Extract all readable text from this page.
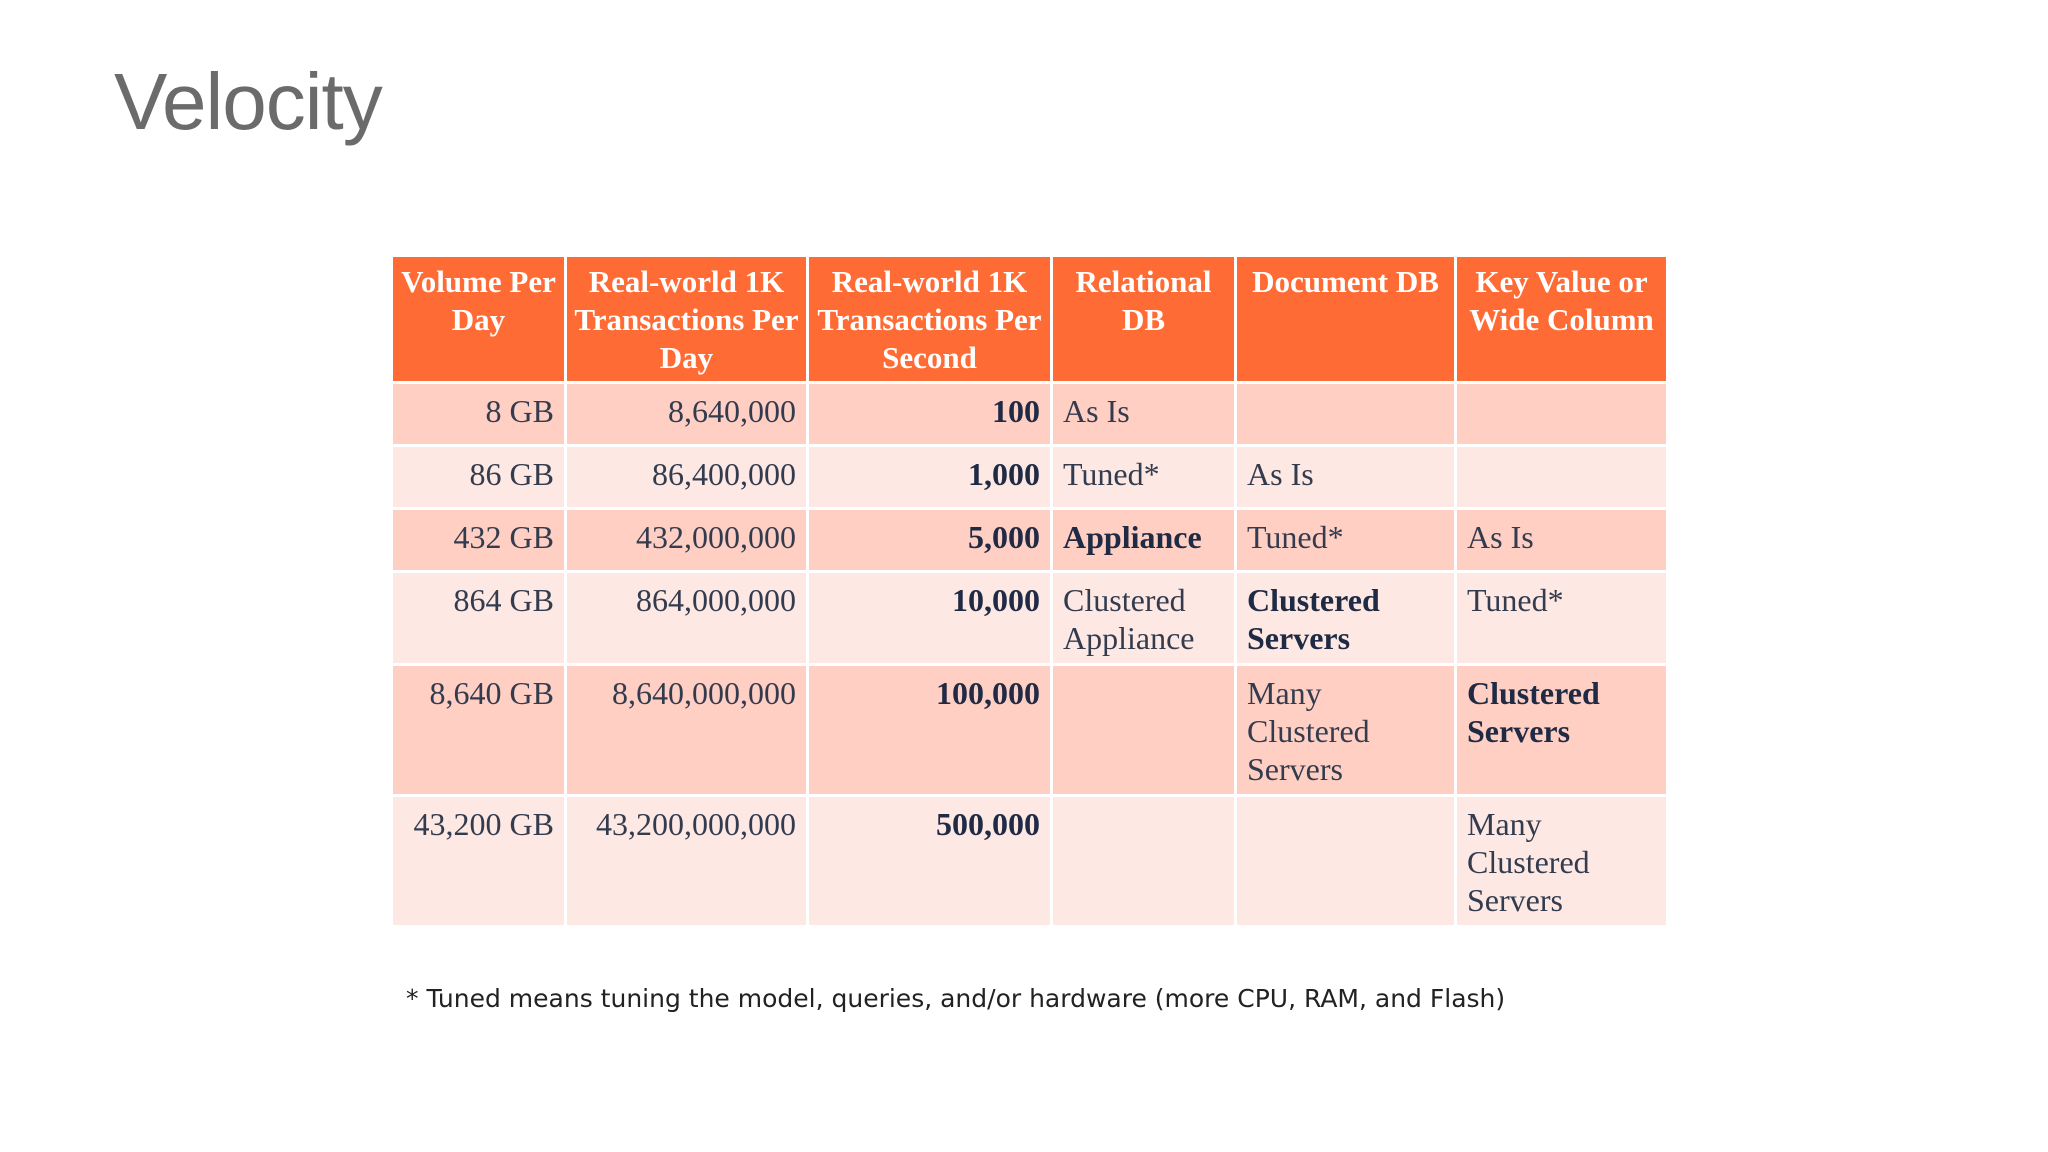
Velocity
Volume Per Day	Real-world 1K Transactions Per Day	Real-world 1K Transactions Per Second	Relational DB	Document DB	Key Value or Wide Column
8 GB	8,640,000	100	As Is		
86 GB	86,400,000	1,000	Tuned*	As Is	
432 GB	432,000,000	5,000	Appliance	Tuned*	As Is
864 GB	864,000,000	10,000	Clustered Appliance	Clustered Servers	Tuned*
8,640 GB	8,640,000,000	100,000		Many Clustered Servers	Clustered Servers
43,200 GB	43,200,000,000	500,000			Many Clustered Servers
* Tuned means tuning the model, queries, and/or hardware (more CPU, RAM, and Flash)
